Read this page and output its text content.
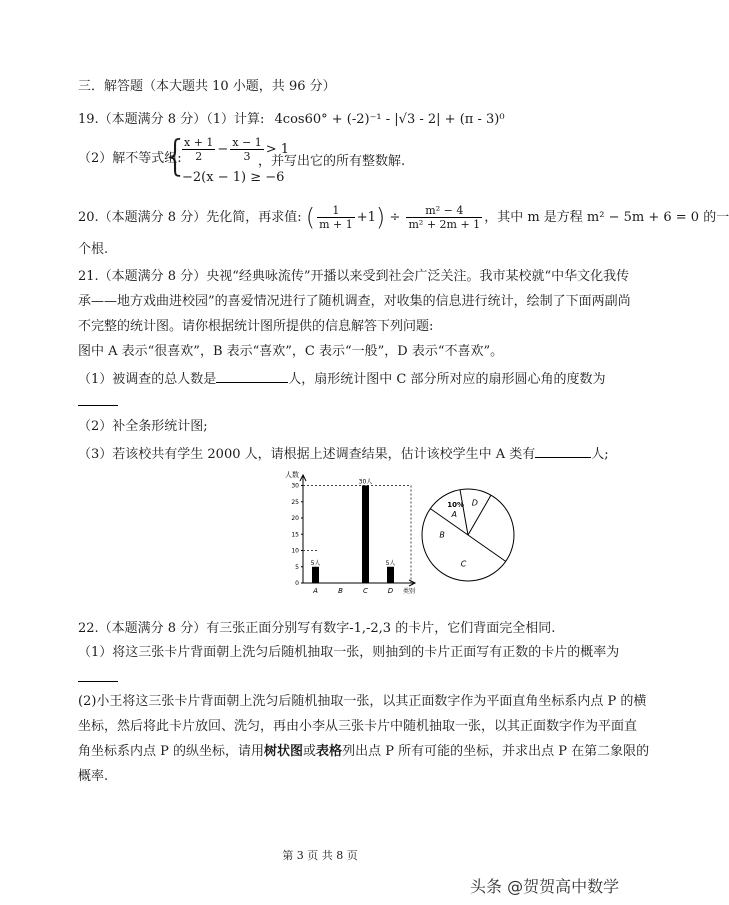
三．解答题（本大题共 10 小题，共 96 分）
19.（本题满分 8 分）（1）计算: 4cos60° + (-2)⁻¹ - |√3 - 2| + (π - 3)⁰
（2）解不等式组:
{
$\frac{x + 1}{2} - \frac{x - 1}{3} > 1$
−2(x − 1) ≥ −6
，并写出它的所有整数解.
20.（本题满分 8 分）先化简，再求值: ( $\frac{1}{m + 1} +1) \div \frac{\text{m² − 4}}{\text{m² + 2m + 1}}$ ，其中 m 是方程 m² − 5m + 6 = 0 的一
个根.
21.（本题满分 8 分）央视“经典咏流传”开播以来受到社会广泛关注。我市某校就“中华文化我传
承——地方戏曲进校园”的喜爱情况进行了随机调查，对收集的信息进行统计，绘制了下面两副尚
不完整的统计图。请你根据统计图所提供的信息解答下列问题:
图中 A 表示“很喜欢”，B 表示“喜欢”，C 表示“一般”，D 表示“不喜欢”。
（1）被调查的总人数是	人，扇形统计图中 C 部分所对应的扇形圆心角的度数为
（2）补全条形统计图;
（3）若该校共有学生 2000 人，请根据上述调查结果，估计该校学生中 A 类有	人;
人数
类别
0
5
10
15
20
25
30
5人
A	B
30人
C
5人
D
10%
A
B
C
D
22.（本题满分 8 分）有三张正面分别写有数字-1,-2,3 的卡片，它们背面完全相同.
（1）将这三张卡片背面朝上洗匀后随机抽取一张，则抽到的卡片正面写有正数的卡片的概率为
(2)小王将这三张卡片背面朝上洗匀后随机抽取一张，以其正面数字作为平面直角坐标系内点 P 的横
坐标，然后将此卡片放回、洗匀，再由小李从三张卡片中随机抽取一张，以其正面数字作为平面直
角坐标系内点 P 的纵坐标，请用树状图或表格列出点 P 所有可能的坐标，并求出点 P 在第二象限的
概率.
第 3 页 共 8 页
头条 @贺贺高中数学
